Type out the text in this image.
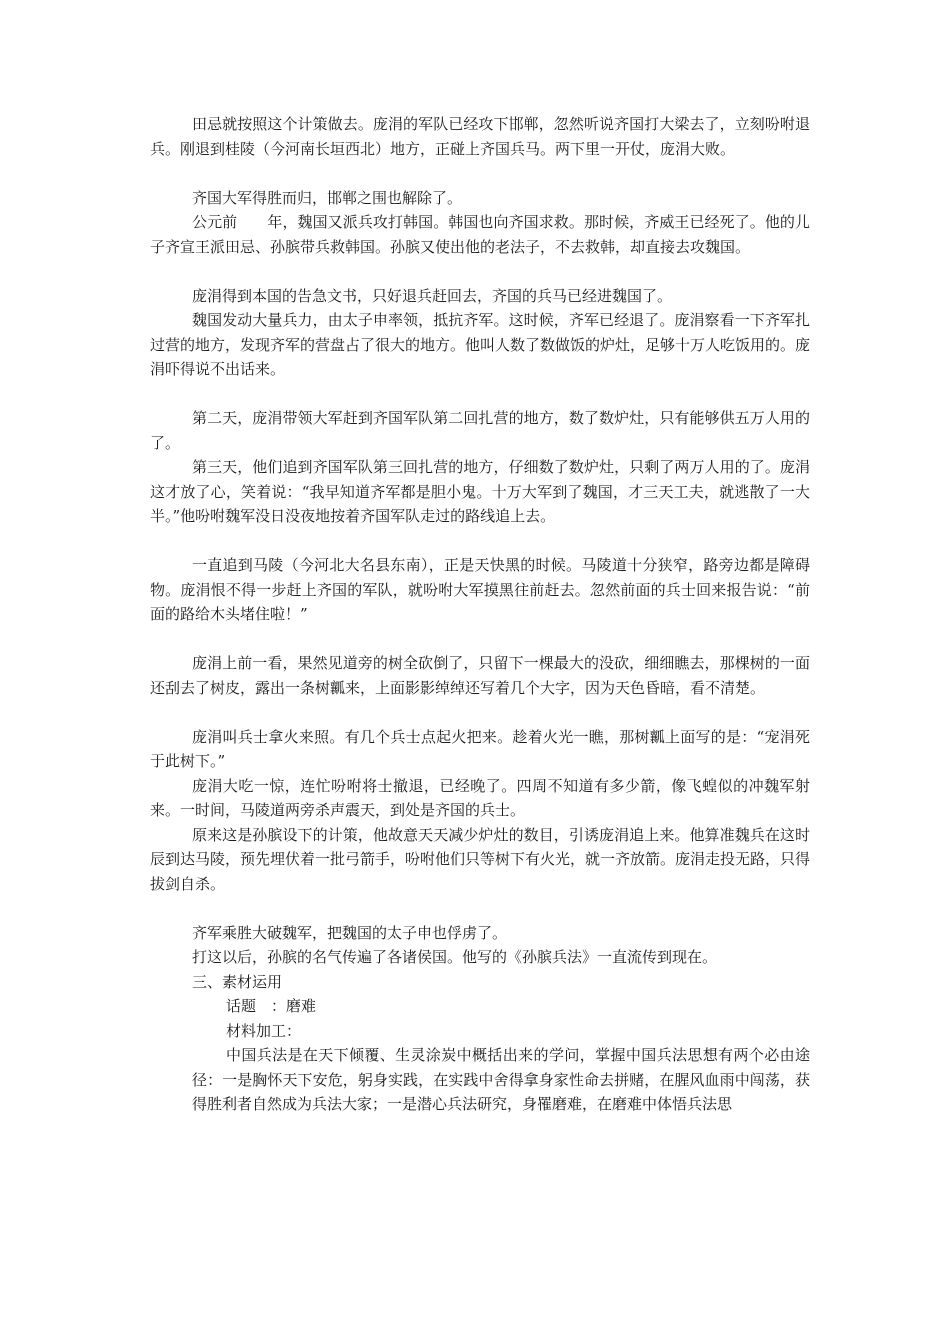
田忌就按照这个计策做去。庞涓的军队已经攻下邯郸，忽然听说齐国打大梁去了，立刻吩咐退兵。刚退到桂陵（今河南长垣西北）地方，正碰上齐国兵马。两下里一开仗，庞涓大败。

齐国大军得胜而归，邯郸之围也解除了。

公元前　　年，魏国又派兵攻打韩国。韩国也向齐国求救。那时候，齐威王已经死了。他的儿子齐宣王派田忌、孙膑带兵救韩国。孙膑又使出他的老法子，不去救韩，却直接去攻魏国。

庞涓得到本国的告急文书，只好退兵赶回去，齐国的兵马已经进魏国了。

魏国发动大量兵力，由太子申率领，抵抗齐军。这时候，齐军已经退了。庞涓察看一下齐军扎过营的地方，发现齐军的营盘占了很大的地方。他叫人数了数做饭的炉灶，足够十万人吃饭用的。庞涓吓得说不出话来。

第二天，庞涓带领大军赶到齐国军队第二回扎营的地方，数了数炉灶，只有能够供五万人用的了。

第三天，他们追到齐国军队第三回扎营的地方，仔细数了数炉灶，只剩了两万人用的了。庞涓这才放了心，笑着说：“我早知道齐军都是胆小鬼。十万大军到了魏国，才三天工夫，就逃散了一大半。”他吩咐魏军没日没夜地按着齐国军队走过的路线追上去。

一直追到马陵（今河北大名县东南），正是天快黑的时候。马陵道十分狭窄，路旁边都是障碍物。庞涓恨不得一步赶上齐国的军队，就吩咐大军摸黑往前赶去。忽然前面的兵士回来报告说：“前面的路给木头堵住啦！”

庞涓上前一看，果然见道旁的树全砍倒了，只留下一棵最大的没砍，细细瞧去，那棵树的一面还刮去了树皮，露出一条树瓤来，上面影影绰绰还写着几个大字，因为天色昏暗，看不清楚。

庞涓叫兵士拿火来照。有几个兵士点起火把来。趁着火光一瞧，那树瓤上面写的是：“宠涓死于此树下。”

庞涓大吃一惊，连忙吩咐将士撤退，已经晚了。四周不知道有多少箭，像飞蝗似的冲魏军射来。一时间，马陵道两旁杀声震天，到处是齐国的兵士。

原来这是孙膑设下的计策，他故意天天减少炉灶的数目，引诱庞涓追上来。他算准魏兵在这时辰到达马陵，预先埋伏着一批弓箭手，吩咐他们只等树下有火光，就一齐放箭。庞涓走投无路，只得拔剑自杀。

齐军乘胜大破魏军，把魏国的太子申也俘虏了。

打这以后，孙膑的名气传遍了各诸侯国。他写的《孙膑兵法》一直流传到现在。

三、素材运用

话题　：磨难

材料加工：

中国兵法是在天下倾覆、生灵涂炭中概括出来的学问，掌握中国兵法思想有两个必由途径：一是胸怀天下安危，躬身实践，在实践中舍得拿身家性命去拼赌，在腥风血雨中闯荡，获得胜利者自然成为兵法大家；一是潜心兵法研究，身罹磨难，在磨难中体悟兵法思
